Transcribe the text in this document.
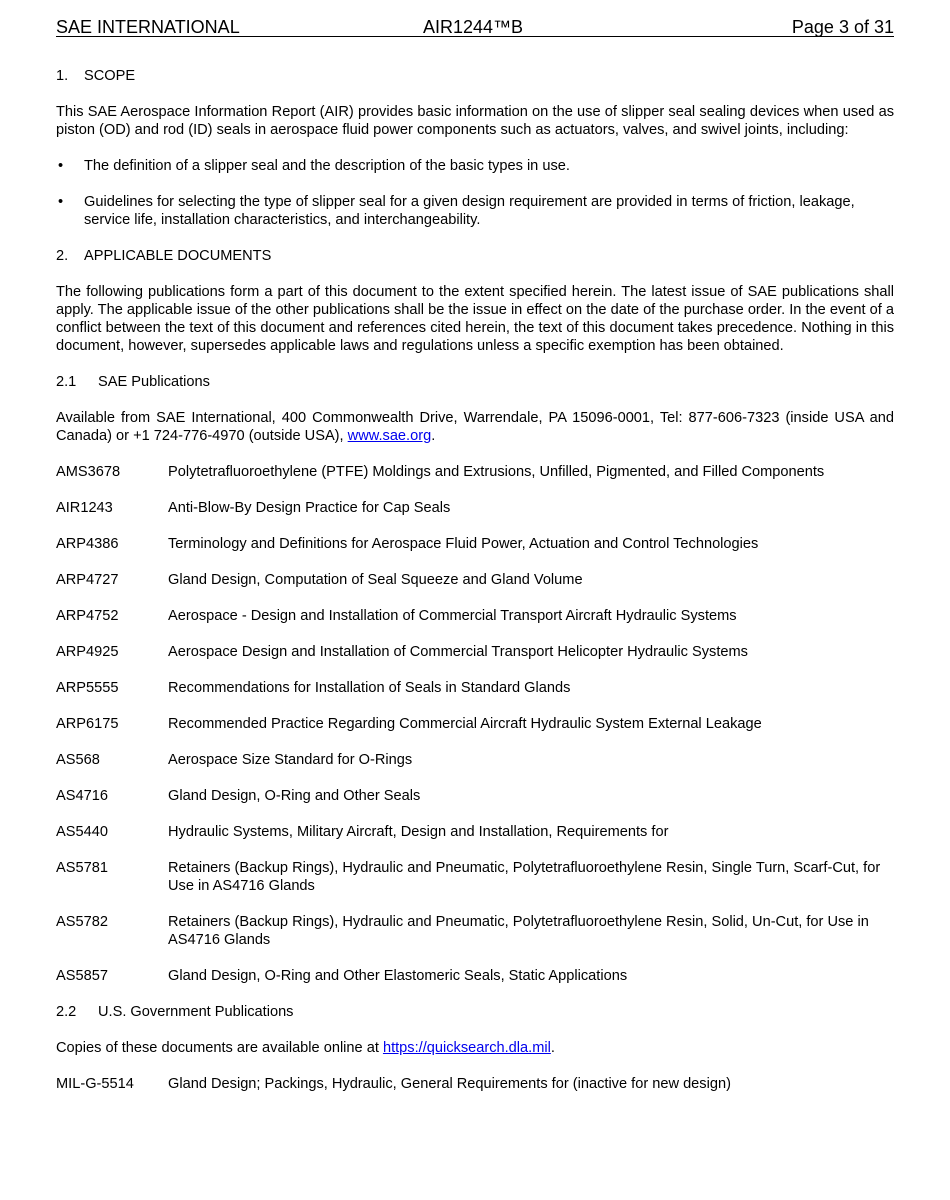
SAE INTERNATIONAL	AIR1244™B	Page 3 of 31
1. SCOPE
This SAE Aerospace Information Report (AIR) provides basic information on the use of slipper seal sealing devices when used as piston (OD) and rod (ID) seals in aerospace fluid power components such as actuators, valves, and swivel joints, including:
• The definition of a slipper seal and the description of the basic types in use.
• Guidelines for selecting the type of slipper seal for a given design requirement are provided in terms of friction, leakage, service life, installation characteristics, and interchangeability.
2. APPLICABLE DOCUMENTS
The following publications form a part of this document to the extent specified herein. The latest issue of SAE publications shall apply. The applicable issue of the other publications shall be the issue in effect on the date of the purchase order. In the event of a conflict between the text of this document and references cited herein, the text of this document takes precedence. Nothing in this document, however, supersedes applicable laws and regulations unless a specific exemption has been obtained.
2.1 SAE Publications
Available from SAE International, 400 Commonwealth Drive, Warrendale, PA 15096-0001, Tel: 877-606-7323 (inside USA and Canada) or +1 724-776-4970 (outside USA), www.sae.org.
AMS3678	Polytetrafluoroethylene (PTFE) Moldings and Extrusions, Unfilled, Pigmented, and Filled Components
AIR1243	Anti-Blow-By Design Practice for Cap Seals
ARP4386	Terminology and Definitions for Aerospace Fluid Power, Actuation and Control Technologies
ARP4727	Gland Design, Computation of Seal Squeeze and Gland Volume
ARP4752	Aerospace - Design and Installation of Commercial Transport Aircraft Hydraulic Systems
ARP4925	Aerospace Design and Installation of Commercial Transport Helicopter Hydraulic Systems
ARP5555	Recommendations for Installation of Seals in Standard Glands
ARP6175	Recommended Practice Regarding Commercial Aircraft Hydraulic System External Leakage
AS568	Aerospace Size Standard for O-Rings
AS4716	Gland Design, O-Ring and Other Seals
AS5440	Hydraulic Systems, Military Aircraft, Design and Installation, Requirements for
AS5781	Retainers (Backup Rings), Hydraulic and Pneumatic, Polytetrafluoroethylene Resin, Single Turn, Scarf-Cut, for Use in AS4716 Glands
AS5782	Retainers (Backup Rings), Hydraulic and Pneumatic, Polytetrafluoroethylene Resin, Solid, Un-Cut, for Use in AS4716 Glands
AS5857	Gland Design, O-Ring and Other Elastomeric Seals, Static Applications
2.2 U.S. Government Publications
Copies of these documents are available online at https://quicksearch.dla.mil.
MIL-G-5514	Gland Design; Packings, Hydraulic, General Requirements for (inactive for new design)
